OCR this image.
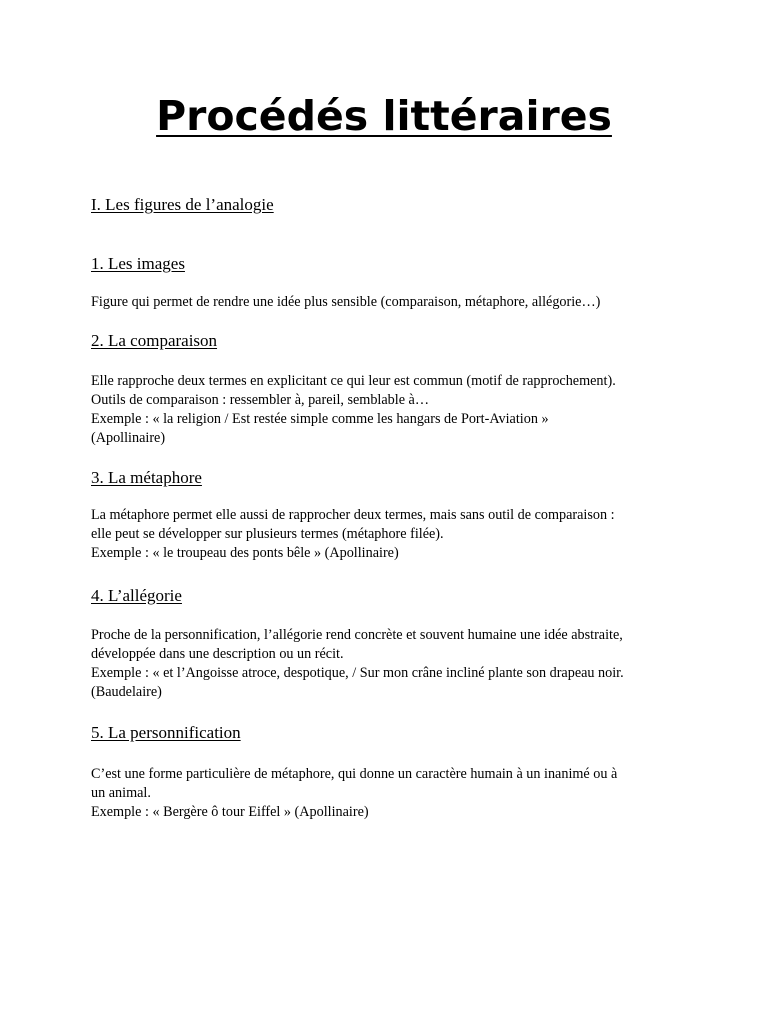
Procédés littéraires
I. Les figures de l’analogie
1. Les images
Figure qui permet de rendre une idée plus sensible (comparaison, métaphore, allégorie…)
2. La comparaison
Elle rapproche deux termes en explicitant ce qui leur est commun (motif de rapprochement).
Outils de comparaison : ressembler à, pareil, semblable à…
Exemple : « la religion / Est restée simple comme les hangars de Port-Aviation »
(Apollinaire)
3. La métaphore
La métaphore permet elle aussi de rapprocher deux termes, mais sans outil de comparaison :
elle peut se développer sur plusieurs termes (métaphore filée).
Exemple : « le troupeau des ponts bêle » (Apollinaire)
4. L’allégorie
Proche de la personnification, l’allégorie rend concrète et souvent humaine une idée abstraite,
développée dans une description ou un récit.
Exemple : « et l’Angoisse atroce, despotique, / Sur mon crâne incliné plante son drapeau noir.
(Baudelaire)
5. La personnification
C’est une forme particulière de métaphore, qui donne un caractère humain à un inanimé ou à
un animal.
Exemple : « Bergère ô tour Eiffel » (Apollinaire)
